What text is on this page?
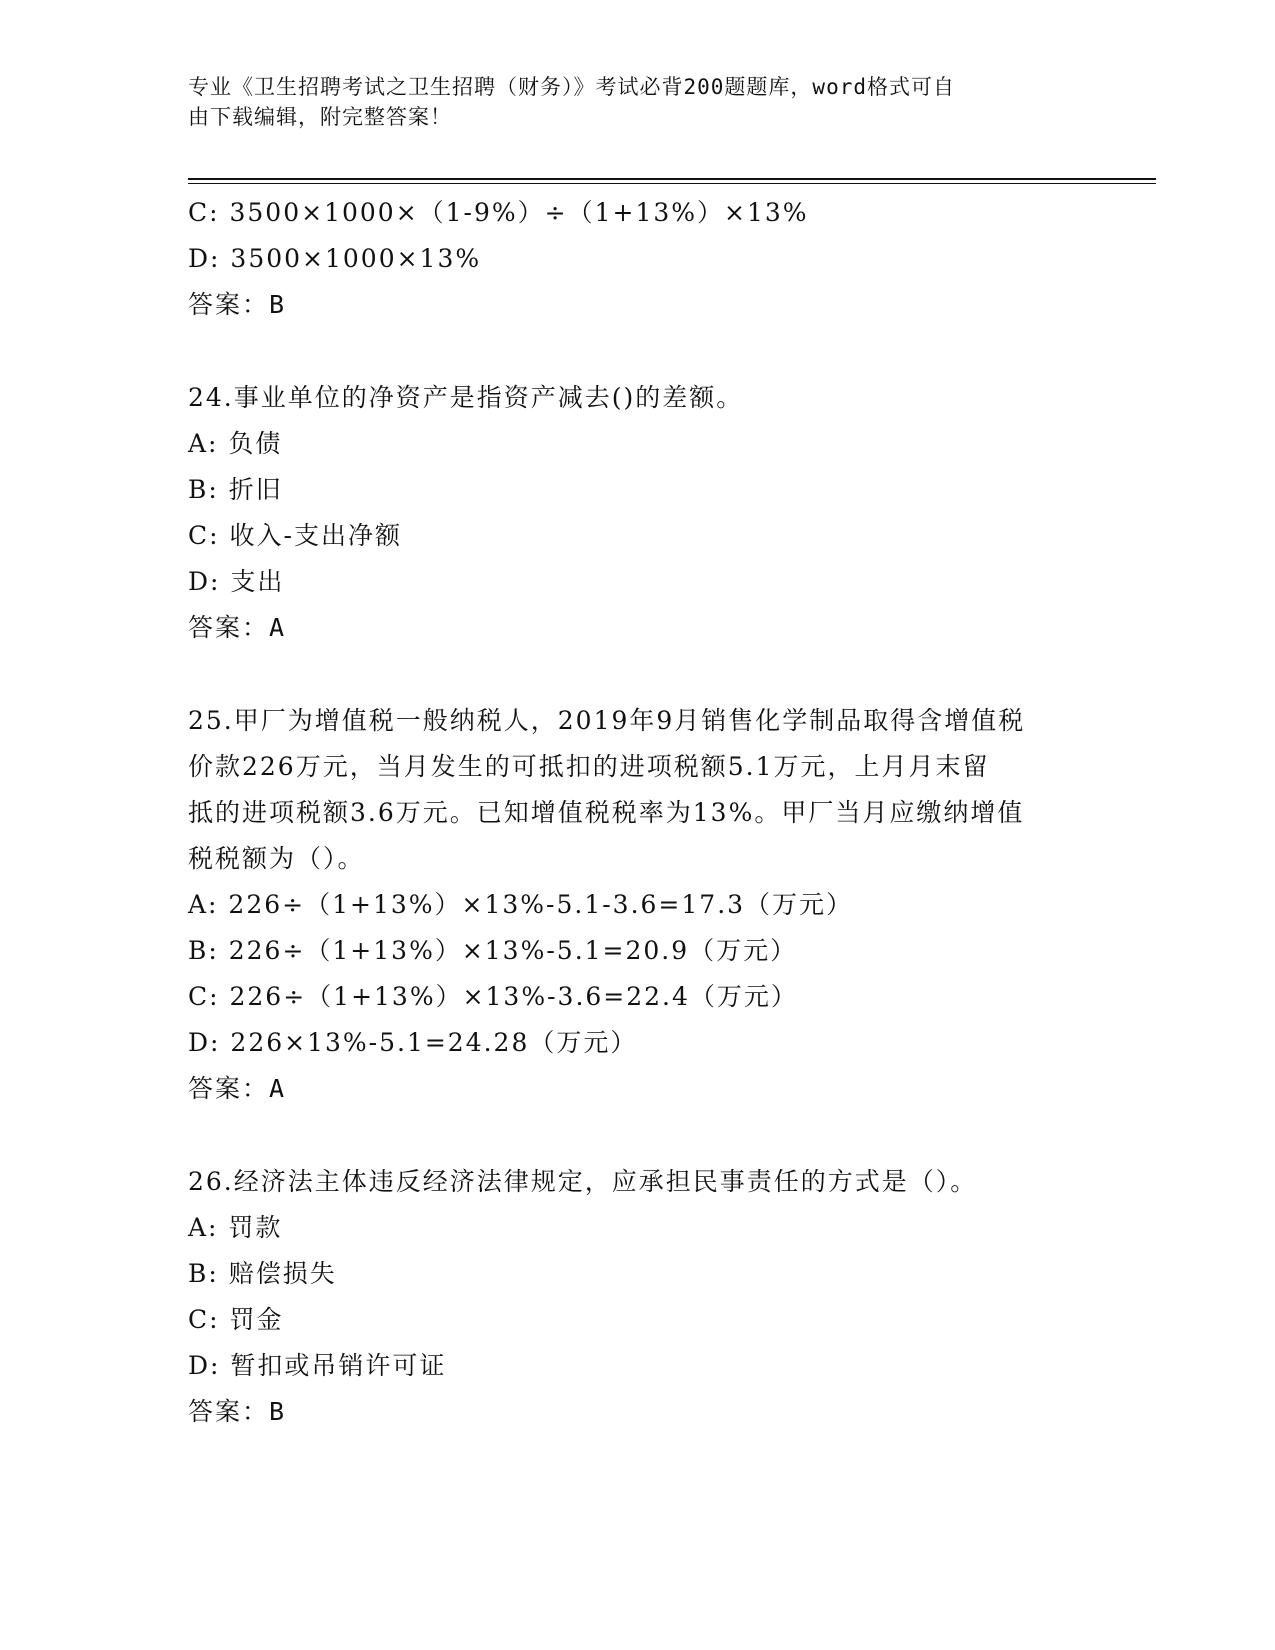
专业《卫生招聘考试之卫生招聘（财务）》考试必背200题题库，word格式可自
由下载编辑，附完整答案！
C: 3500×1000×（1-9%）÷（1+13%）×13%
D: 3500×1000×13%
答案：B
24.事业单位的净资产是指资产减去()的差额。
A: 负债
B: 折旧
C: 收入-支出净额
D: 支出
答案：A
25.甲厂为增值税一般纳税人，2019年9月销售化学制品取得含增值税
价款226万元，当月发生的可抵扣的进项税额5.1万元，上月月末留
抵的进项税额3.6万元。已知增值税税率为13%。甲厂当月应缴纳增值
税税额为（）。
A: 226÷（1+13%）×13%-5.1-3.6=17.3（万元）
B: 226÷（1+13%）×13%-5.1=20.9（万元）
C: 226÷（1+13%）×13%-3.6=22.4（万元）
D: 226×13%-5.1=24.28（万元）
答案：A
26.经济法主体违反经济法律规定，应承担民事责任的方式是（）。
A: 罚款
B: 赔偿损失
C: 罚金
D: 暂扣或吊销许可证
答案：B
